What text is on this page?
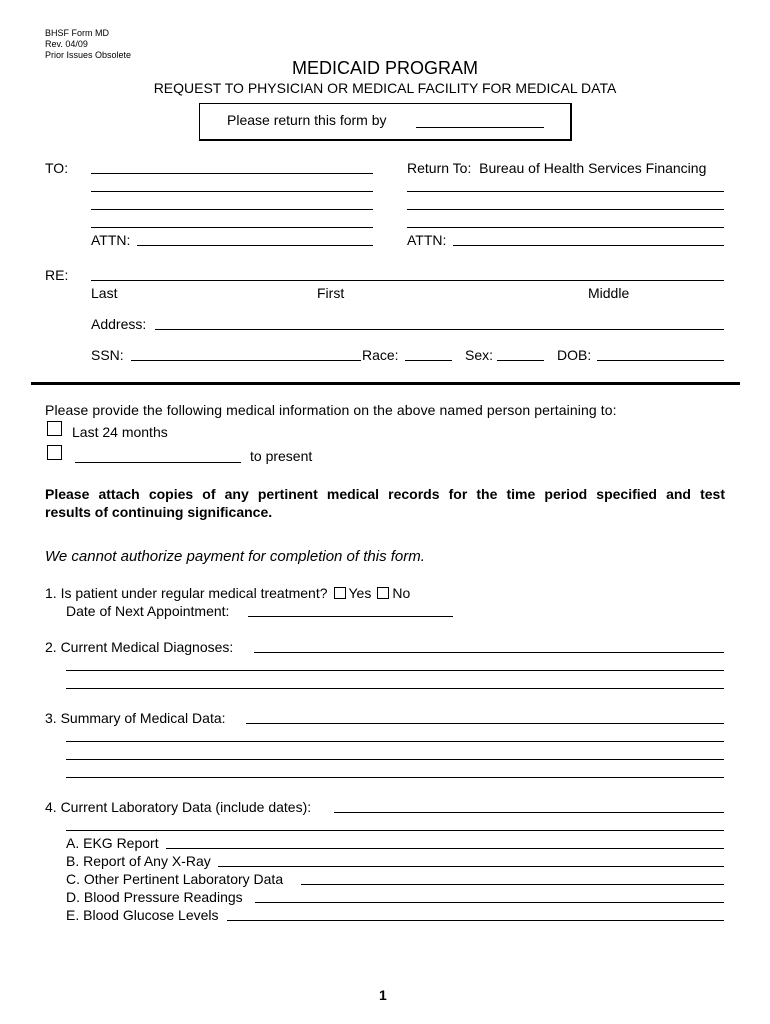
BHSF Form MD
Rev. 04/09
Prior Issues Obsolete
MEDICAID PROGRAM
REQUEST TO PHYSICIAN OR MEDICAL FACILITY FOR MEDICAL DATA
Please return this form by
TO:
ATTN:
Return To: Bureau of Health Services Financing
ATTN:
RE:
Last	First	Middle
Address:
SSN:	Race:	Sex:	DOB:
Please provide the following medical information on the above named person pertaining to:
Last 24 months
to present
Please attach copies of any pertinent medical records for the time period specified and test
results of continuing significance.
We cannot authorize payment for completion of this form.
1. Is patient under regular medical treatment? Yes No
Date of Next Appointment:
2. Current Medical Diagnoses:
3. Summary of Medical Data:
4. Current Laboratory Data (include dates):
A. EKG Report
B. Report of Any X-Ray
C. Other Pertinent Laboratory Data
D. Blood Pressure Readings
E. Blood Glucose Levels
1
